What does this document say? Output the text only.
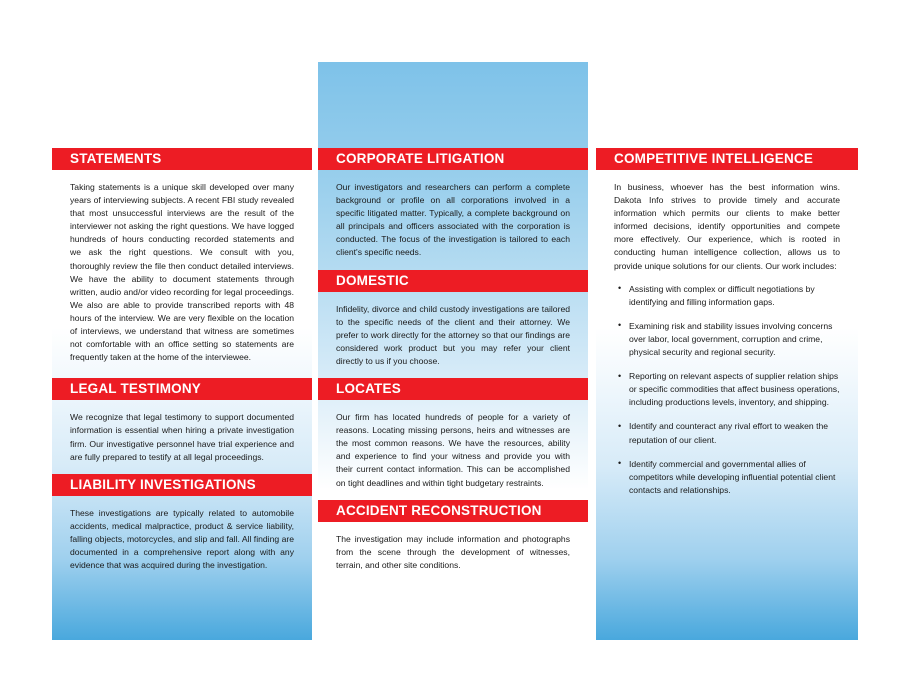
STATEMENTS

Taking statements is a unique skill developed over many years of interviewing subjects. A recent FBI study revealed that most unsuccessful interviews are the result of the interviewer not asking the right questions. We have logged hundreds of hours conducting recorded statements and we ask the right questions. We consult with you, thoroughly review the file then conduct detailed interviews. We have the ability to document statements through written, audio and/or video recording for legal proceedings. We also are able to provide transcribed reports with 48 hours of the interview. We are very flexible on the location of interviews, we understand that witness are sometimes not comfortable with an office setting so statements are frequently taken at the home of the interviewee.

LEGAL TESTIMONY

We recognize that legal testimony to support documented information is essential when hiring a private investigation firm. Our investigative personnel have trial experience and are fully prepared to testify at all legal proceedings.

LIABILITY INVESTIGATIONS

These investigations are typically related to automobile accidents, medical malpractice, product & service liability, falling objects, motorcycles, and slip and fall. All finding are documented in a comprehensive report along with any evidence that was acquired during the investigation.

CORPORATE LITIGATION

Our investigators and researchers can perform a complete background or profile on all corporations involved in a specific litigated matter. Typically, a complete background on all principals and officers associated with the corporation is conducted. The focus of the investigation is tailored to each client's specific needs.

DOMESTIC

Infidelity, divorce and child custody investigations are tailored to the specific needs of the client and their attorney. We prefer to work directly for the attorney so that our findings are considered work product but you may refer your client directly to us if you choose.

LOCATES

Our firm has located hundreds of people for a variety of reasons. Locating missing persons, heirs and witnesses are the most common reasons. We have the resources, ability and experience to find your witness and provide you with their current contact information. This can be accomplished on tight deadlines and within tight budgetary restraints.

ACCIDENT RECONSTRUCTION

The investigation may include information and photographs from the scene through the development of witnesses, terrain, and other site conditions.

COMPETITIVE INTELLIGENCE

In business, whoever has the best information wins. Dakota Info strives to provide timely and accurate information which permits our clients to make better informed decisions, identify opportunities and compete more effectively. Our experience, which is rooted in conducting human intelligence collection, allows us to provide unique solutions for our clients. Our work includes:

• Assisting with complex or difficult negotiations by identifying and filling information gaps.
• Examining risk and stability issues involving concerns over labor, local government, corruption and crime, physical security and regional security.
• Reporting on relevant aspects of supplier relation ships or specific commodities that affect business operations, including productions levels, inventory, and shipping.
• Identify and counteract any rival effort to weaken the reputation of our client.
• Identify commercial and governmental allies of competitors while developing influential potential client contacts and relationships.
